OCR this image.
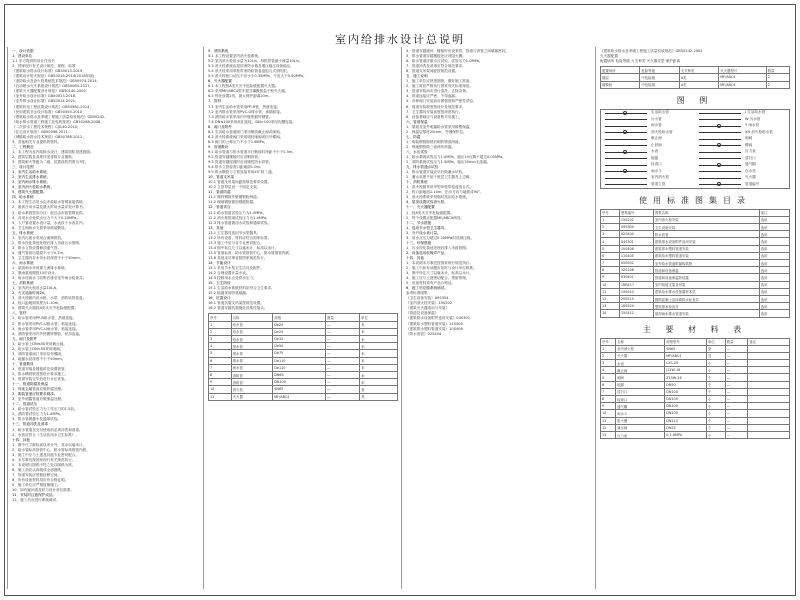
室内给排水设计总说明
一、设计依据
1、建设单位
1.1 甲方提供的设计任务书
2、国家现行有关设计规范、规程、标准：
《建筑给水排水设计标准》GB50015-2019；
《建筑设计防火规范》GB50016-2014(2018年版)；
《消防给水及消火栓系统技术规范》GB50974-2014；
《自动喷水灭火系统设计规范》GB50084-2017；
《建筑灭火器配置设计规范》GB50140-2005；
《室外给水设计标准》GB50013-2018；
《室外排水设计标准》GB50014-2021；
《建筑机电工程抗震设计规范》GB50981-2014；
《民用建筑节水设计标准》GB50555-2010；
《建筑给水排水及采暖工程施工质量验收规范》GB50242；
《给水排水管道工程施工及验收规范》GB50268-2008；
《二次供水工程技术规程》CJJ140-2010；
《住宅设计规范》GB50096-2011；
《城镇给水排水技术规范》GB50788-2012；
3、其他相关专业提供的资料。
二、工程概况
1、本工程为室内给排水设计，建筑面积见建施图。
2、建筑层数及高度详见建筑专业图纸。
3、建筑耐火等级为二级，抗震设防烈度为7度。
三、设计范围
1、室内生活给水系统；
2、室内生活排水系统；
3、室内雨水排水系统；
4、室内消火栓给水系统；
5、建筑灭火器配置。
四、给水系统
1、本工程生活用水由市政给水管网直接供给。
2、最高日用水量及最大时用水量详见计算书。
3、给水系统竖向分区：低区由市政管网直供。
4、各用水点处供水压力不大于0.20MPa。
5、入户管设置水表计量，水表设于水表井内。
6、卫生间给水支管采用暗装敷设。
五、排水系统
1、室内污废水采用合流制排放。
2、排水经化粪池处理后排入市政污水管网。
3、排水立管设置伸顶通气管。
4、通气管高出屋面不小于0.7m。
5、卫生器具存水弯水封深度不小于50mm。
六、雨水系统
1、屋面雨水采用重力流排水系统。
2、暴雨重现期按10年设计。
3、雨水经雨水斗收集后排至室外雨水检查井。
七、消防系统
1、室内消火栓用水量10L/s。
2、火灾延续时间2h。
3、消火栓箱内设水枪、水带、消防软管卷盘。
4、栓口距地面高度为1.10m。
5、建筑灭火器按A类火灾中危险级配置。
八、管材
1、给水管采用PP-R给水管，热熔连接。
2、排水管采用PVC-U排水管，粘接连接。
3、雨水管采用PVC-U雨水管，粘接连接。
4、消防管采用内外热镀锌钢管，丝扣连接。
九、阀门及附件
1、给水管上DN≤50采用截止阀。
2、给水管上DN>50采用闸阀。
3、消防管道阀门采用信号蝶阀。
4、地漏水封深度不小于50mm。
十、管道敷设
1、管道穿墙及楼板时应设置套管。
2、排水横管坡度按设计要求施工。
3、管道安装完毕后进行水压试验。
十一、管道防腐及保温
1、埋地金属管道应做防腐处理。
2、明装管道应按要求刷漆。
3、室外明露管道应做保温处理。
十二、管道试压
1、给水管试验压力为工作压力的1.5倍。
2、消防管试验压力为1.4MPa。
3、排水管做灌水及通球试验。
十三、管道冲洗及消毒
1、给水管道在交付使用前必须冲洗和消毒。
2、水质应符合《生活饮用水卫生标准》。
十四、其他
1、图中尺寸除标高以米计外，其余以毫米计。
2、给水管标高指管中心，排水管标高指管内底。
3、施工中应与土建及其他专业密切配合。
4、未尽事宜按国家现行有关规范执行。
5、本说明与图纸不符之处以图纸为准。
6、施工前应认真阅读全部图纸。
7、管道安装应预留检修空间。
8、所有设备材料均应有合格证明。
9、施工单位应严格按图施工。
10、如有疑问请及时与设计单位联系。
11、安装时注意保护成品。
12、竣工后应进行系统调试。
5、消防系统
5.1 本工程设置室内消火栓系统。
5.2 室内消火栓用水量为10L/s，每根竖管最小流量10L/s。
5.3 消火栓系统由屋顶消防水箱及增压稳压设备稳压。
5.4 消火栓采用单栓带消防软管卷盘组合式消防柜。
5.5 消火栓栓口动压不应小于0.35MPa，不宜大于0.50MPa。
6、灭火器配置
6.1 本工程按A类火灾中危险级配置灭火器。
6.2 采用MF/ABC4型手提式磷酸铵盐干粉灭火器。
6.3 每处设置2具，最大保护距离20m。
7、管材
7.1 室内生活给水管采用PP-R管，热熔连接。
7.2 室内排水管采用PVC-U排水管，承插粘接。
7.3 消防给水管采用内外壁热镀锌钢管。
7.4 DN≤100采用丝扣连接，DN>100采用沟槽连接。
8、阀门及附件
8.1 生活给水管道阀门采用铜质截止阀或闸阀。
8.2 消火栓系统阀门采用明杆闸阀或信号蝶阀。
8.3 阀门的公称压力不小于1.6MPa。
9、管道敷设
9.1 给水管道与排水管道平行敷设时净距不小于0.5m。
9.2 管道穿越楼板时应设钢套管。
9.3 管道穿越屋面时应设刚性防水套管。
9.4 排水立管检查口距地面1.0m。
9.5 排水横管与立管连接采用45°斜三通。
10、管道支吊架
10.1 管道支吊架间距按规范要求设置。
10.2 立管每层设一个固定支架。
11、管道防腐
11.1 镀锌钢管外壁刷银粉两道。
11.2 埋地钢管做加强级防腐。
12、管道试压
12.1 给水管道试验压力为1.0MPa。
12.2 消火栓管道试验压力为1.4MPa。
12.3 排水管道做闭水试验和通球试验。
13、其他
13.1 卫生器具选用节水型器具。
13.2 所有设备、材料应符合国家标准。
13.3 施工中应与各专业密切配合。
13.4 图中标注尺寸以毫米计，标高以米计。
13.5 管道标高：给水管指管中心，排水管指管内底。
13.6 其他未尽事宜按国家规范执行。
14、节能设计
14.1 采用节水型卫生洁具及配件。
14.2 合理设置计量水表。
14.3 控制用水点处供水压力。
15、卫生防疫
15.1 生活给水系统材料应符合卫生要求。
15.2 地漏采用防臭地漏。
16、抗震设计
16.1 管道抗震支吊架按规范设置。
16.2 管道穿越抗震缝处设柔性接头。
序号	名称	规格	数量	单位
1	给水管	De20	—	米
2	给水管	De25	—	米
3	给水管	De32	—	米
4	排水管	De50	—	米
5	排水管	De75	—	米
6	排水管	De110	—	米
7	雨水管	De110	—	米
8	消防管	DN65	—	米
9	消防管	DN100	—	米
10	消火栓	SN65	—	套
11	灭火器	MF/ABC4	—	具
4、管道穿越墙体、楼板时应设套管，管道与套管之间填塞密封。
5、排水管道穿越楼板处应设阻火圈。
6、给水管道应做水压试验，试验压力1.0MPa。
7、管道冲洗及消毒应符合规范要求。
8、管道支吊架间距按规范设置。
五、施工说明
1、施工单位应熟悉图纸，做好施工准备。
2、施工时应严格执行国家有关标准规范。
3、管道安装前应进行清洗，去除杂物。
4、管道连接应严密，不得渗漏。
5、各种阀门安装前应做强度和严密性试验。
6、管道安装坡度按设计及规范要求。
7、卫生器具安装高度按规范执行。
8、设备基础应与设备核对后施工。
六、管道保温
1、屋面及室外明露给水管采用橡塑保温。
2、保温层厚度20mm，外缠保护层。
七、防腐
1、明装钢管除锈后刷防锈漆两道。
2、埋地钢管做三油两布防腐。
八、水压试验
1、给水系统试验压力1.0MPa，稳压1h压降不超过0.05MPa。
2、消防系统试验压力1.4MPa，稳压30min无渗漏。
九、排水管通水试验
1、排水管道安装完毕后做灌水试验。
2、灌水高度不低于底层卫生器具上边缘。
十、消防系统
1、消火栓箱采用甲型单栓带卷盘组合式。
2、栓口距地面1.10m，出水方向与墙面成90°。
3、消火栓系统采用临时高压给水系统。
4、屋顶设置试验消火栓。
十一、灭火器配置
1、按A类火灾中危险级配置。
2、每个设置点配置MF/ABC4两具。
十二、节水措施
1、选用节水型卫生器具。
2、分户设水表计量。
3、用水点压力超过0.20MPa时设减压阀。
十三、环保措施
1、污水经化粪池处理后排入市政管网。
2、设备选用低噪声产品。
十四、其他
1、本说明未尽事宜按国家现行规范执行。
2、施工中如有问题应及时与设计单位联系。
3、图中所注尺寸以毫米计，标高以米计。
4、施工应与土建密切配合，预留预埋。
5、设备材料须有产品合格证。
6、竣工后应做系统调试。
参考标准图集：
《卫生设备安装》09S304
《室内消火栓安装》15S202
《建筑灭火器选用与安装》
《管道及设备保温》
《建筑排水设备附件选用安装》04S301
《建筑给水塑料管道安装》11S405
《建筑排水塑料管道安装》10S406
《防水套管》02S404
《建筑给水排水及采暖工程施工质量验收规范》GB50242-2002
灭火器配置：
配置场所 危险等级 火灾种类 灭火器类型 保护距离
配置场所	危险等级	火灾种类	灭火器型号	数量
楼层	中危险级	A类	MF/ABC4	2
楼梯间	中危险级	A类	MF/ABC4	2
图 例
生活给水管	J 生活给水管
污水管	W 污水管
雨水管	Y 雨水管
消火栓给水管	XH 消火栓给水管
截止阀	闸阀
止回阀	蝶阀
水表	压力表
地漏	清扫口
检查口	通气帽
雨水斗	存水弯
室内消火栓	灭火器
管道立管	管道编号
使用标准图集目录
序号	图集编号	图集名称	备注
1	15S202	室内消火栓安装	选用
2	09S304	卫生设备安装	选用
3	02S404	防水套管	选用
4	04S301	建筑排水设备附件选用安装	选用
5	10S406	建筑排水塑料管道安装	选用
6	11S405	建筑给水塑料管道安装	选用
7	05S502	室外给水管道附属构筑物	选用
8	12S108	管道和设备保温	选用
9	03S401	管道和设备保温防结露	选用
10	18R417	室内管道支架及吊架	选用
11	19S910	建筑给水排水设备器材术语	选用
12	20S515	钢筋混凝土及砖砌排水检查井	选用
13	16S524	塑料排水检查井	选用
14	15S412	屋面雨水排水管道安装	选用
主 要 材 料 表
序号	名称	规格型号	单位	数量	备注
1	室内消火栓	SN65	套	—	
2	灭火器	MF/ABC4	具	—	
3	水表	LXS-20	个	—	
4	截止阀	J11W-16	个	—	
5	闸阀	Z15W-16	个	—	
6	地漏	DN50	个	—	
7	清扫口	DN100	个	—	
8	检查口	DN100	个	—	
9	通气帽	DN100	个	—	
10	雨水斗	DN100	个	—	
11	阻火圈	DN110	个	—	
12	减压阀	DN25	个	—	
13	压力表	0-1.6MPa	个	—	
